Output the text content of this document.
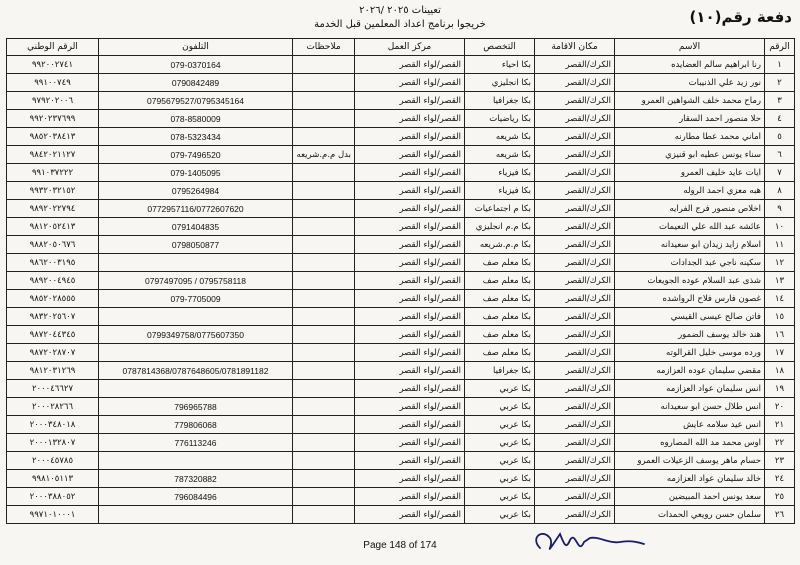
دفعة رقم(١٠)
تعيينات ٢٠٢٥ /٢٠٢٦
خريجوا برنامج اعداد المعلمين قبل الخدمة
الرقم	الاسم	مكان الاقامة	التخصص	مركز العمل	ملاحظات	التلفون	الرقم الوطني
١	رنا ابراهيم سالم العضايده	الكرك/القصر	بكا احياء	القصر/لواء القصر		079-0370164	٩٩٢٠٠٢٧٤١
٢	نور زيد علي الذنيبات	الكرك/القصر	بكا انجليزي	القصر/لواء القصر		0790842489	٩٩١٠٠٧٤٩
٣	رماح محمد خلف الشواهين العمرو	الكرك/القصر	بكا جغرافيا	القصر/لواء القصر		0795679527/0795345164	٩٧٩٢٠٢٠٠٦
٤	حلا منصور احمد السقار	الكرك/القصر	بكا رياضيات	القصر/لواء القصر		078-8580009	٩٩٢٠٢٣٧٦٩٩
٥	اماني محمد عطا مطارنه	الكرك/القصر	بكا شريعه	القصر/لواء القصر		078-5323434	٩٨٥٢٠٣٨٤١٣
٦	سناء يونس عطيه ابو قنيزي	الكرك/القصر	بكا شريعه	القصر/لواء القصر	بدل م.م.شريعه	079-7496520	٩٨٤٢٠٢١١٢٧
٧	ايات عايد خليف العمرو	الكرك/القصر	بكا فيزياء	القصر/لواء القصر		079-1405095	٩٩١٠٣٧٢٢٢
٨	هبه معزي احمد الروله	الكرك/القصر	بكا فيزياء	القصر/لواء القصر		0795264984	٩٩٣٢٠٣٢١٥٢
٩	اخلاص منصور فرج الفرايه	الكرك/القصر	بكا م اجتماعيات	القصر/لواء القصر		0772957116/0772607620	٩٨٩٢٠٢٢٧٩٤
١٠	عائشه عبد الله علي النعيمات	الكرك/القصر	بكا م.م انجليزي	القصر/لواء القصر		0791404835	٩٨١٢٠٥٢٤١٣
١١	اسلام زايد زيدان ابو سعيدانه	الكرك/القصر	بكا م.م.شريعه	القصر/لواء القصر		0798050877	٩٨٨٢٠٥٠٦٧٦
١٢	سكينه ناجي عبد الجدادات	الكرك/القصر	بكا معلم صف	القصر/لواء القصر			٩٨٦٢٠٠٣١٩٥
١٣	شذى عبد السلام عوده الجويعات	الكرك/القصر	بكا معلم صف	القصر/لواء القصر		0797497095 / 0795758118	٩٨٩٢٠٠٤٩٤٥
١٤	غصون فارس فلاح الرواشده	الكرك/القصر	بكا معلم صف	القصر/لواء القصر		079-7705009	٩٨٥٢٠٢٨٥٥٥
١٥	فاتن صالح عيسى القيسي	الكرك/القصر	بكا معلم صف	القصر/لواء القصر			٩٨٣٢٠٢٥٦٠٧
١٦	هند خالد يوسف الضمور	الكرك/القصر	بكا معلم صف	القصر/لواء القصر		0799349758/0775607350	٩٨٧٢٠٤٤٣٤٥
١٧	ورده موسى خليل القرالوته	الكرك/القصر	بكا معلم صف	القصر/لواء القصر			٩٨٧٢٠٢٨٧٠٧
١٨	مقضي سليمان عوده العزازمه	الكرك/القصر	بكا جغرافيا	القصر/لواء القصر		0787814368/0787648605/0781891182	٩٨١٢٠٣١٢٦٩
١٩	انس سليمان عواد العزازمه	الكرك/القصر	بكا عربي	القصر/لواء القصر			٢٠٠٠٤٦٦٢٧
٢٠	انس طلال حسن ابو سعيدانه	الكرك/القصر	بكا عربي	القصر/لواء القصر		796965788	٢٠٠٠٢٨٢٦٦
٢١	انس عيد سلامه عايش	الكرك/القصر	بكا عربي	القصر/لواء القصر		779806068	٢٠٠٠٣٤٨٠١٨
٢٢	اوس محمد مد الله المصاروه	الكرك/القصر	بكا عربي	القصر/لواء القصر		776113246	٢٠٠٠١٣٢٨٠٧
٢٣	حسام ماهر يوسف الزعيلات العمرو	الكرك/القصر	بكا عربي	القصر/لواء القصر			٢٠٠٠٤٥٧٨٥
٢٤	خالد سليمان عواد العزازمه	الكرك/القصر	بكا عربي	القصر/لواء القصر		787320882	٩٩٨١٠٥١١٣
٢٥	سعد يونس احمد المبيضين	الكرك/القصر	بكا عربي	القصر/لواء القصر		796084496	٢٠٠٠٣٨٨٠٥٢
٢٦	سلمان حسن رويعي الحمدات	الكرك/القصر	بكا عربي	القصر/لواء القصر			٩٩٧١٠١٠٠٠١
Page 148 of 174
